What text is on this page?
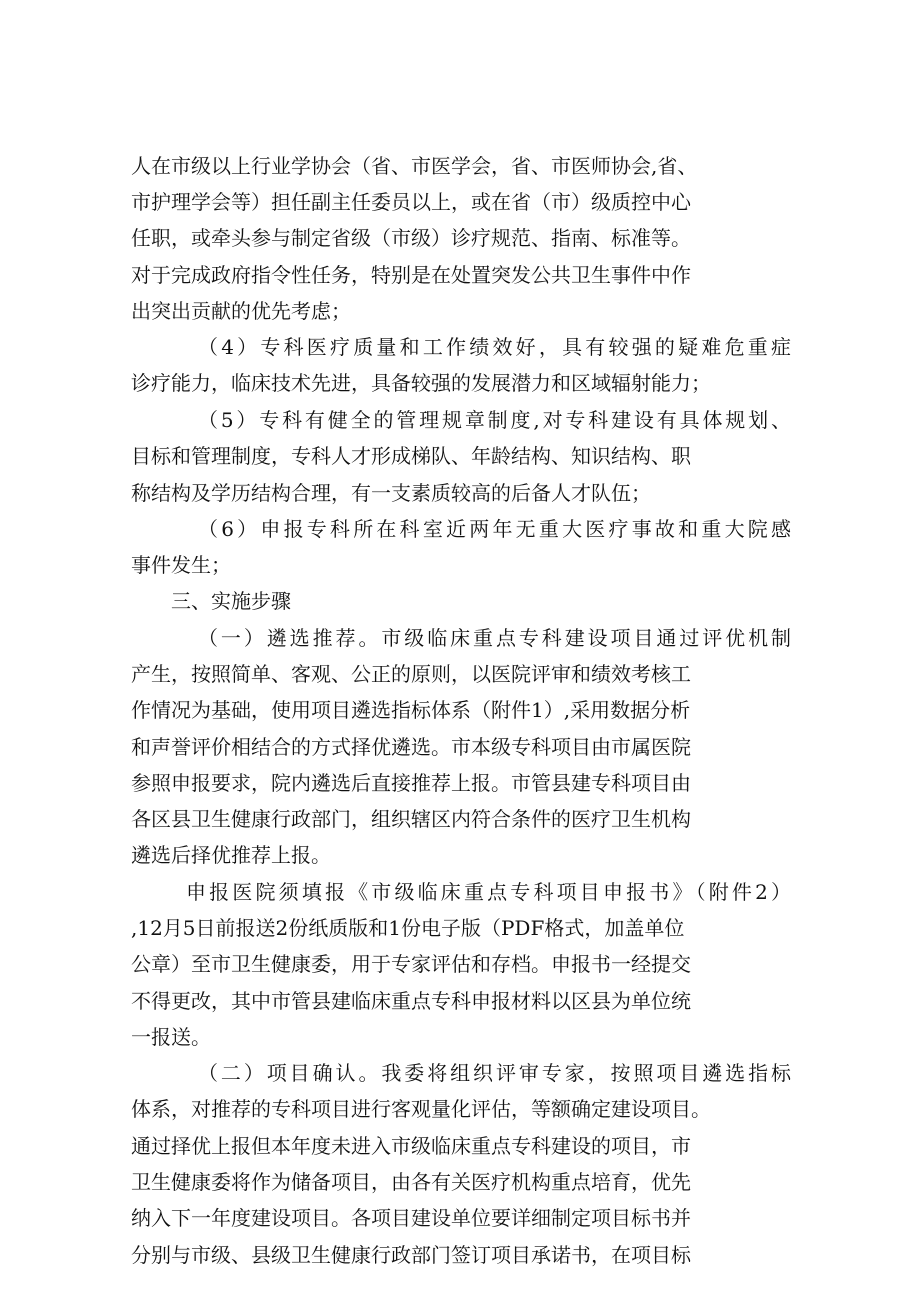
人在市级以上行业学协会（省、市医学会，省、市医师协会,省、
市护理学会等）担任副主任委员以上，或在省（市）级质控中心
任职，或牵头参与制定省级（市级）诊疗规范、指南、标准等。
对于完成政府指令性任务，特别是在处置突发公共卫生事件中作
出突出贡献的优先考虑；
（4）专科医疗质量和工作绩效好，具有较强的疑难危重症
诊疗能力，临床技术先进，具备较强的发展潜力和区域辐射能力；
（5）专科有健全的管理规章制度,对专科建设有具体规划、
目标和管理制度，专科人才形成梯队、年龄结构、知识结构、职
称结构及学历结构合理，有一支素质较高的后备人才队伍；
（6）申报专科所在科室近两年无重大医疗事故和重大院感
事件发生；
三、实施步骤
（一）遴选推荐。市级临床重点专科建设项目通过评优机制
产生，按照简单、客观、公正的原则，以医院评审和绩效考核工
作情况为基础，使用项目遴选指标体系（附件1）,采用数据分析
和声誉评价相结合的方式择优遴选。市本级专科项目由市属医院
参照申报要求，院内遴选后直接推荐上报。市管县建专科项目由
各区县卫生健康行政部门，组织辖区内符合条件的医疗卫生机构
遴选后择优推荐上报。
申报医院须填报《市级临床重点专科项目申报书》（附件2）
,12月5日前报送2份纸质版和1份电子版（PDF格式，加盖单位
公章）至市卫生健康委，用于专家评估和存档。申报书一经提交
不得更改，其中市管县建临床重点专科申报材料以区县为单位统
一报送。
（二）项目确认。我委将组织评审专家，按照项目遴选指标
体系，对推荐的专科项目进行客观量化评估，等额确定建设项目。
通过择优上报但本年度未进入市级临床重点专科建设的项目，市
卫生健康委将作为储备项目，由各有关医疗机构重点培育，优先
纳入下一年度建设项目。各项目建设单位要详细制定项目标书并
分别与市级、县级卫生健康行政部门签订项目承诺书，在项目标
